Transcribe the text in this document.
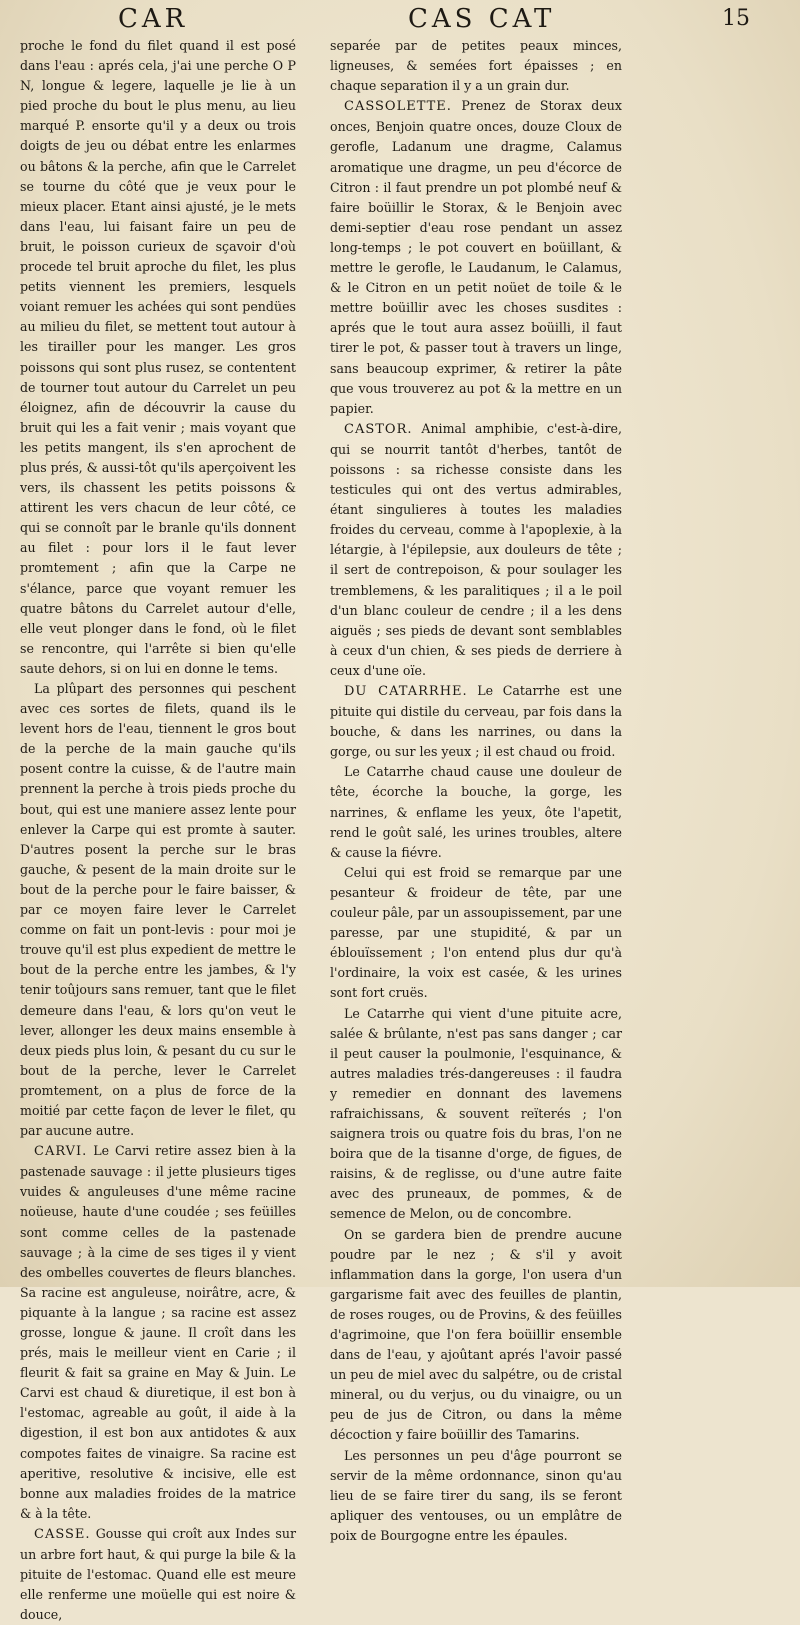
CAR	CAS CAT	15

proche le fond du filet quand il est posé dans l'eau : aprés cela, j'ai une perche O P N, longue & legere, laquelle je lie à un pied proche du bout le plus menu, au lieu marqué P. ensorte qu'il y a deux ou trois doigts de jeu ou débat entre les enlarmes ou bâtons & la perche, afin que le Carrelet se tourne du côté que je veux pour le mieux placer. Etant ainsi ajusté, je le mets dans l'eau, lui faisant faire un peu de bruit, le poisson curieux de sçavoir d'où procede tel bruit aproche du filet, les plus petits viennent les premiers, lesquels voiant remuer les achées qui sont pendües au milieu du filet, se mettent tout autour à les tirailler pour les manger. Les gros poissons qui sont plus rusez, se contentent de tourner tout autour du Carrelet un peu éloignez, afin de découvrir la cause du bruit qui les a fait venir ; mais voyant que les petits mangent, ils s'en aprochent de plus prés, & aussi-tôt qu'ils aperçoivent les vers, ils chassent les petits poissons & attirent les vers chacun de leur côté, ce qui se connoît par le branle qu'ils donnent au filet : pour lors il le faut lever promtement ; afin que la Carpe ne s'élance, parce que voyant remuer les quatre bâtons du Carrelet autour d'elle, elle veut plonger dans le fond, où le filet se rencontre, qui l'arrête si bien qu'elle saute dehors, si on lui en donne le tems.

La plûpart des personnes qui peschent avec ces sortes de filets, quand ils le levent hors de l'eau, tiennent le gros bout de la perche de la main gauche qu'ils posent contre la cuisse, & de l'autre main prennent la perche à trois pieds proche du bout, qui est une maniere assez lente pour enlever la Carpe qui est promte à sauter. D'autres posent la perche sur le bras gauche, & pesent de la main droite sur le bout de la perche pour le faire baisser, & par ce moyen faire lever le Carrelet comme on fait un pont-levis : pour moi je trouve qu'il est plus expedient de mettre le bout de la perche entre les jambes, & l'y tenir toûjours sans remuer, tant que le filet demeure dans l'eau, & lors qu'on veut le lever, allonger les deux mains ensemble à deux pieds plus loin, & pesant du cu sur le bout de la perche, lever le Carrelet promtement, on a plus de force de la moitié par cette façon de lever le filet, qu par aucune autre.

CARVI. Le Carvi retire assez bien à la pastenade sauvage : il jette plusieurs tiges vuides & anguleuses d'une même racine noüeuse, haute d'une coudée ; ses feüilles sont comme celles de la pastenade sauvage ; à la cime de ses tiges il y vient des ombelles couvertes de fleurs blanches. Sa racine est anguleuse, noirâtre, acre, & piquante à la langue ; sa racine est assez grosse, longue & jaune. Il croît dans les prés, mais le meilleur vient en Carie ; il fleurit & fait sa graine en May & Juin. Le Carvi est chaud & diuretique, il est bon à l'estomac, agreable au goût, il aide à la digestion, il est bon aux antidotes & aux compotes faites de vinaigre. Sa racine est aperitive, resolutive & incisive, elle est bonne aux maladies froides de la matrice & à la tête.

CASSE. Gousse qui croît aux Indes sur un arbre fort haut, & qui purge la bile & la pituite de l'estomac. Quand elle est meure elle renferme une moüelle qui est noire & douce,

separée par de petites peaux minces, ligneuses, & semées fort épaisses ; en chaque separation il y a un grain dur.

CASSOLETTE. Prenez de Storax deux onces, Benjoin quatre onces, douze Cloux de gerofle, Ladanum une dragme, Calamus aromatique une dragme, un peu d'écorce de Citron : il faut prendre un pot plombé neuf & faire boüillir le Storax, & le Benjoin avec demi-septier d'eau rose pendant un assez long-temps ; le pot couvert en boüillant, & mettre le gerofle, le Laudanum, le Calamus, & le Citron en un petit noüet de toile & le mettre boüillir avec les choses susdites : aprés que le tout aura assez boüilli, il faut tirer le pot, & passer tout à travers un linge, sans beaucoup exprimer, & retirer la pâte que vous trouverez au pot & la mettre en un papier.

CASTOR. Animal amphibie, c'est-à-dire, qui se nourrit tantôt d'herbes, tantôt de poissons : sa richesse consiste dans les testicules qui ont des vertus admirables, étant singulieres à toutes les maladies froides du cerveau, comme à l'apoplexie, à la létargie, à l'épilepsie, aux douleurs de tête ; il sert de contrepoison, & pour soulager les tremblemens, & les paralitiques ; il a le poil d'un blanc couleur de cendre ; il a les dens aiguës ; ses pieds de devant sont semblables à ceux d'un chien, & ses pieds de derriere à ceux d'une oïe.

DU CATARRHE. Le Catarrhe est une pituite qui distile du cerveau, par fois dans la bouche, & dans les narrines, ou dans la gorge, ou sur les yeux ; il est chaud ou froid.

Le Catarrhe chaud cause une douleur de tête, écorche la bouche, la gorge, les narrines, & enflame les yeux, ôte l'apetit, rend le goût salé, les urines troubles, altere & cause la fiévre.

Celui qui est froid se remarque par une pesanteur & froideur de tête, par une couleur pâle, par un assoupissement, par une paresse, par une stupidité, & par un éblouïssement ; l'on entend plus dur qu'à l'ordinaire, la voix est casée, & les urines sont fort cruës.

Le Catarrhe qui vient d'une pituite acre, salée & brûlante, n'est pas sans danger ; car il peut causer la poulmonie, l'esquinance, & autres maladies trés-dangereuses : il faudra y remedier en donnant des lavemens rafraichissans, & souvent reïterés ; l'on saignera trois ou quatre fois du bras, l'on ne boira que de la tisanne d'orge, de figues, de raisins, & de reglisse, ou d'une autre faite avec des pruneaux, de pommes, & de semence de Melon, ou de concombre.

On se gardera bien de prendre aucune poudre par le nez ; & s'il y avoit inflammation dans la gorge, l'on usera d'un gargarisme fait avec des feuilles de plantin, de roses rouges, ou de Provins, & des feüilles d'agrimoine, que l'on fera boüillir ensemble dans de l'eau, y ajoûtant aprés l'avoir passé un peu de miel avec du salpétre, ou de cristal mineral, ou du verjus, ou du vinaigre, ou un peu de jus de Citron, ou dans la même décoction y faire boüillir des Tamarins.

Les personnes un peu d'âge pourront se servir de la même ordonnance, sinon qu'au lieu de se faire tirer du sang, ils se feront apliquer des ventouses, ou un emplâtre de poix de Bourgogne entre les épaules.
